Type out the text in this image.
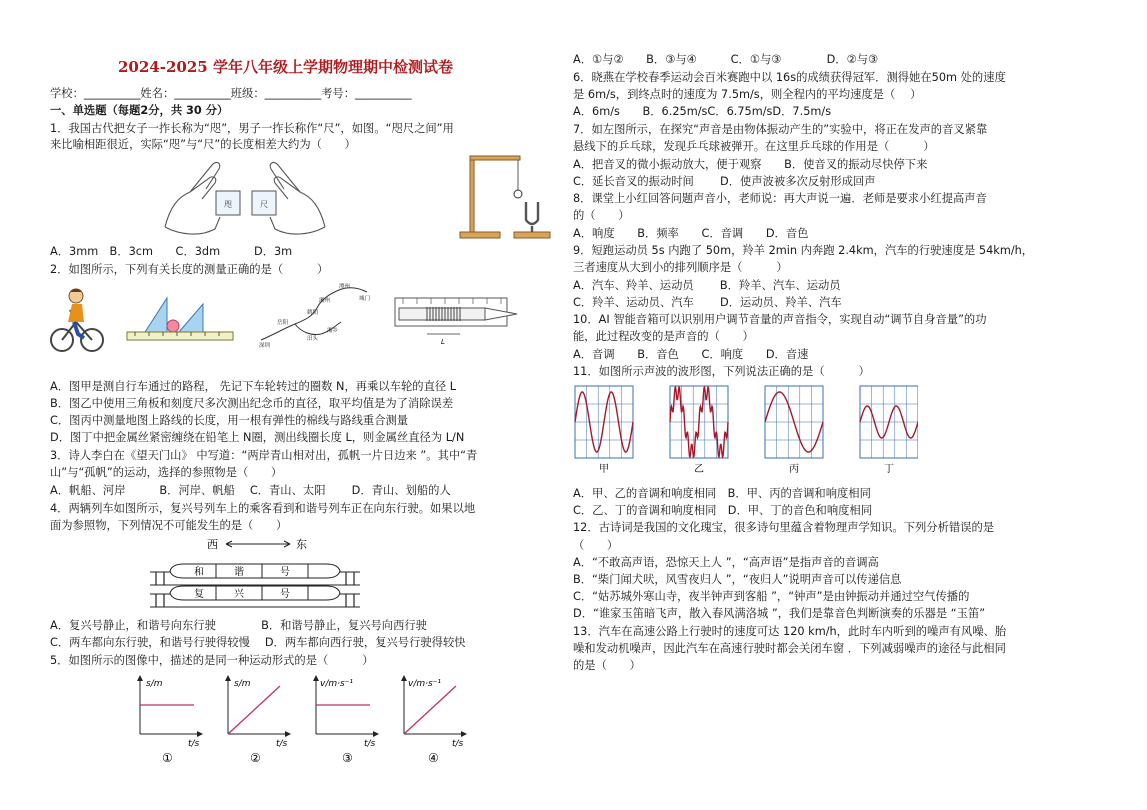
2024-2025 学年八年级上学期物理期中检测试卷
学校：__________姓名：__________班级：__________考号：__________
一、单选题（每题2分，共 30 分）
1．我国古代把女子一拃长称为“咫”，男子一拃长称作“尺”，如图。“咫尺之间”用
来比喻相距很近，实际“咫”与“尺”的长度相差大约为（　　）
A．3mm　B．3cm　　C．3dm　　　D．3m
2．如图所示，下列有关长度的测量正确的是（　　　）
A．图甲是测自行车通过的路程， 先记下车轮转过的圈数 N，再乘以车轮的直径 L
B．图乙中使用三角板和刻度尺多次测出纪念币的直径，取平均值是为了消除误差
C．图丙中测量地图上路线的长度，用一根有弹性的棉线与路线重合测量
D．图丁中把金属丝紧密缠绕在铅笔上 N圈，测出线圈长度 L，则金属丝直径为 L/N
3．诗人李白在《望天门山》 中写道：“两岸青山相对出，孤帆一片日边来 ”。其中“青
山”与“孤帆”的运动，选择的参照物是（　　）
A．帆船、河岸　　　B．河岸、帆船　 C．青山、太阳　　 D．青山、划船的人
4．两辆列车如图所示，复兴号列车上的乘客看到和谐号列车正在向东行驶。如果以地
面为参照物，下列情况不可能发生的是（　　）
A．复兴号静止，和谐号向东行驶　　　　B．和谐号静止，复兴号向西行驶
C．两车都向东行驶，和谐号行驶得较慢　 D．两车都向西行驶，复兴号行驶得较快
5．如图所示的图像中，描述的是同一种运动形式的是（　　　）
咫	尺
潭州
城门
湘州
鹤阳
岳阳
湘乡
汨头
深圳	L
西	东
和	谐	号
复	兴	号
s/m
t/s
①
s/m
t/s
②
v/m·s⁻¹
t/s
③
v/m·s⁻¹
t/s
④
A．①与②　　B．③与④　　　C．①与③　　　　D．②与③
6．晓燕在学校春季运动会百米赛跑中以 16s的成绩获得冠军．测得她在50m 处的速度
是 6m/s，到终点时的速度为 7.5m/s，则全程内的平均速度是（　 ）
A．6m/s　　B．6.25m/sC．6.75m/sD．7.5m/s
7．如左图所示，在探究“声音是由物体振动产生的”实验中，将正在发声的音叉紧靠
悬线下的乒乓球，发现乒乓球被弹开。在这里乒乓球的作用是（　　　）
A．把音叉的微小振动放大，便于观察　　B．使音叉的振动尽快停下来
C．延长音叉的振动时间　　 D．使声波被多次反射形成回声
8．课堂上小红回答问题声音小，老师说：再大声说一遍．老师是要求小红提高声音
的（　　）
A．响度　　B．频率　　C．音调　　D．音色
9．短跑运动员 5s 内跑了 50m，羚羊 2min 内奔跑 2.4km，汽车的行驶速度是 54km/h，
三者速度从大到小的排列顺序是（　　　）
A．汽车、羚羊、运动员　　 B．羚羊、汽车、运动员
C．羚羊、运动员、汽车　　 D．运动员、羚羊、汽车
10．AI 智能音箱可以识别用户调节音量的声音指令，实现自动“调节自身音量”的功
能，此过程改变的是声音的（　　）
A．音调　　B．音色　　C．响度　　D．音速
11．如图所示声波的波形图，下列说法正确的是（　　　）
A．甲、乙的音调和响度相同　B．甲、丙的音调和响度相同
C．乙、丁的音调和响度相同　D．甲、丁的音色和响度相同
12．古诗词是我国的文化瑰宝，很多诗句里蕴含着物理声学知识。下列分析错误的是
（　　）
A．“不敢高声语，恐惊天上人 ”，“高声语”是指声音的音调高
B．“柴门闻犬吠，风雪夜归人 ”，“夜归人”说明声音可以传递信息
C．“姑苏城外寒山寺，夜半钟声到客船 ”，“钟声”是由钟振动并通过空气传播的
D．“谁家玉笛暗飞声，散入春风满洛城 ”，我们是靠音色判断演奏的乐器是 “玉笛”
13．汽车在高速公路上行驶时的速度可达 120 km/h，此时车内听到的噪声有风噪、胎
噪和发动机噪声，因此汽车在高速行驶时都会关闭车窗 ．下列减弱噪声的途径与此相同
的是（　　）
甲	乙	丙	丁
